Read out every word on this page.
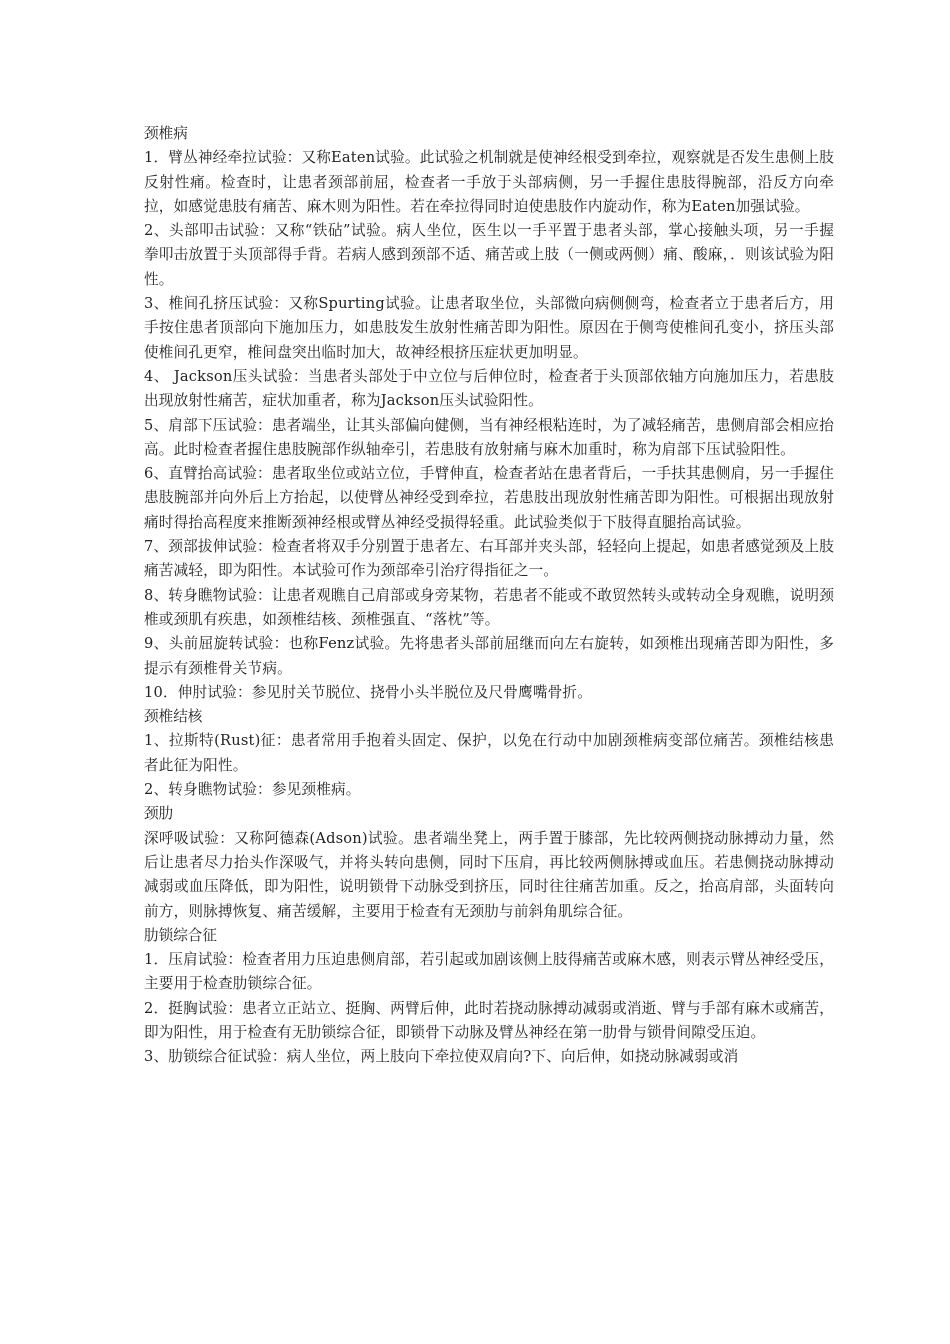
颈椎病

1．臂丛神经牵拉试验：又称Eaten试验。此试验之机制就是使神经根受到牵拉，观察就是否发生患侧上肢反射性痛。检查时，让患者颈部前屈，检查者一手放于头部病侧，另一手握住患肢得腕部，沿反方向牵拉，如感觉患肢有痛苦、麻木则为阳性。若在牵拉得同时迫使患肢作内旋动作，称为Eaten加强试验。

2、头部叩击试验：又称“铁砧”试验。病人坐位，医生以一手平置于患者头部，掌心接触头项，另一手握拳叩击放置于头顶部得手背。若病人感到颈部不适、痛苦或上肢（一侧或两侧）痛、酸麻，．则该试验为阳性。

3、椎间孔挤压试验：又称Spurting试验。让患者取坐位，头部微向病侧侧弯，检查者立于患者后方，用手按住患者顶部向下施加压力，如患肢发生放射性痛苦即为阳性。原因在于侧弯使椎间孔变小，挤压头部使椎间孔更窄，椎间盘突出临时加大，故神经根挤压症状更加明显。

4、 Jackson压头试验：当患者头部处于中立位与后伸位时，检查者于头顶部依轴方向施加压力，若患肢出现放射性痛苦，症状加重者，称为Jackson压头试验阳性。

5、肩部下压试验：患者端坐，让其头部偏向健侧，当有神经根粘连时，为了减轻痛苦，患侧肩部会相应抬高。此时检查者握住患肢腕部作纵轴牵引，若患肢有放射痛与麻木加重时，称为肩部下压试验阳性。

6、直臂抬高试验：患者取坐位或站立位，手臂伸直，检查者站在患者背后，一手扶其患侧肩，另一手握住患肢腕部并向外后上方抬起，以使臂丛神经受到牵拉，若患肢出现放射性痛苦即为阳性。可根据出现放射痛时得抬高程度来推断颈神经根或臂丛神经受损得轻重。此试验类似于下肢得直腿抬高试验。

7、颈部拔伸试验：检查者将双手分别置于患者左、右耳部并夹头部，轻轻向上提起，如患者感觉颈及上肢痛苦减轻，即为阳性。本试验可作为颈部牵引治疗得指征之一。

8、转身瞧物试验：让患者观瞧自己肩部或身旁某物，若患者不能或不敢贸然转头或转动全身观瞧，说明颈椎或颈肌有疾患，如颈椎结核、颈椎强直、“落枕”等。

9、头前屈旋转试验：也称Fenz试验。先将患者头部前屈继而向左右旋转，如颈椎出现痛苦即为阳性，多提示有颈椎骨关节病。

10．伸肘试验：参见肘关节脱位、挠骨小头半脱位及尺骨鹰嘴骨折。

颈椎结核

1、拉斯特(Rust)征：患者常用手抱着头固定、保护，以免在行动中加剧颈椎病变部位痛苦。颈椎结核患者此征为阳性。

2、转身瞧物试验：参见颈椎病。

颈肋

深呼吸试验：又称阿德森(Adson)试验。患者端坐凳上，两手置于膝部，先比较两侧挠动脉搏动力量，然后让患者尽力抬头作深吸气，并将头转向患侧，同时下压肩，再比较两侧脉搏或血压。若患侧挠动脉搏动减弱或血压降低，即为阳性，说明锁骨下动脉受到挤压，同时往往痛苦加重。反之，抬高肩部，头面转向前方，则脉搏恢复、痛苦缓解，主要用于检查有无颈肋与前斜角肌综合征。

肋锁综合征

1．压肩试验：检查者用力压迫患侧肩部，若引起或加剧该侧上肢得痛苦或麻木感，则表示臂丛神经受压，主要用于检查肋锁综合征。

2．挺胸试验：患者立正站立、挺胸、两臂后伸，此时若挠动脉搏动减弱或消逝、臂与手部有麻木或痛苦，即为阳性，用于检查有无肋锁综合征，即锁骨下动脉及臂丛神经在第一肋骨与锁骨间隙受压迫。

3、肋锁综合征试验：病人坐位，两上肢向下牵拉使双肩向?下、向后伸，如挠动脉减弱或消
